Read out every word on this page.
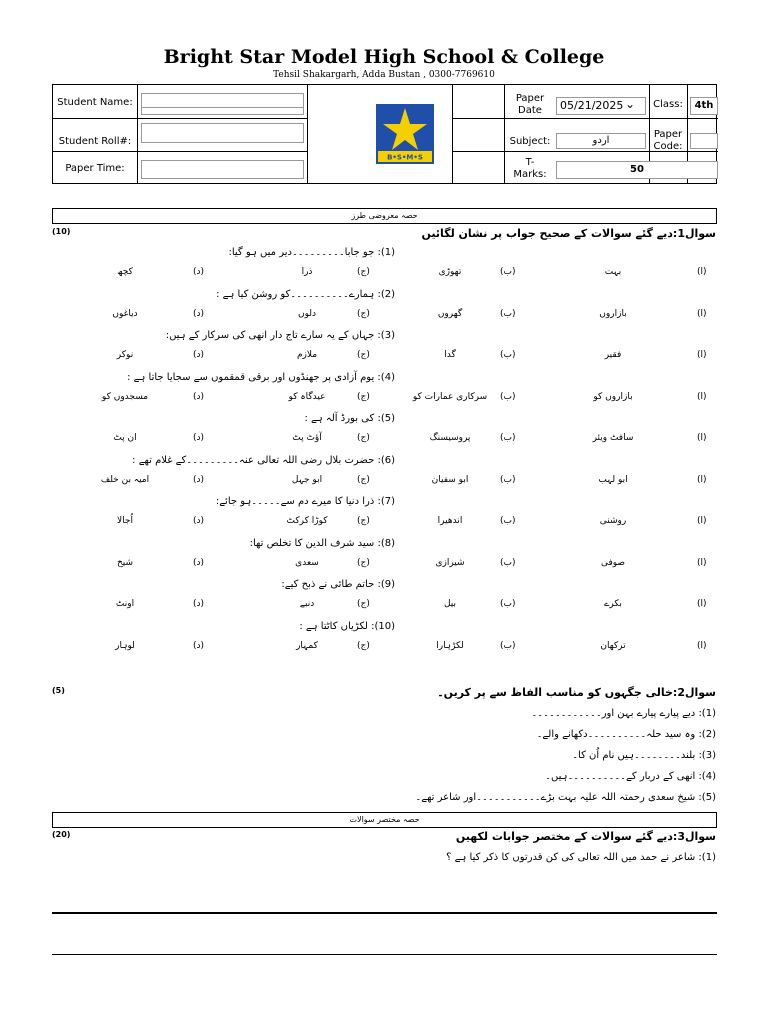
Bright Star Model High School & College
Tehsil Shakargarh, Adda Bustan , 0300-7769610
Student Name:
Student Roll#:
Paper Time:
Paper
Date	05/21/2025 ⌄	Class:	4th
Subject:	اردو
Paper
Code:
T-
Marks:	50
B•S•M•S
حصہ معروضی طرز
(10)	سوال1:دیے گئے سوالات کے صحیح جواب پر نشان لگائیں
(1): جو جابا۔۔۔۔۔۔۔۔۔دیر میں ہو گیا:
(ا)
بہت
(ب)
تھوڑی
(ج)
ذرا
(د)
کچھ
(2): ہمارے۔۔۔۔۔۔۔۔۔۔کو روشن کیا ہے :
(ا)
بازاروں
(ب)
گھروں
(ج)
دلوں
(د)
دیاغوں
(3): جہاں کے یہ سارے تاج دار انھی کی سرکار کے ہیں:
(ا)
فقیر
(ب)
گدا
(ج)
ملازم
(د)
نوکر
(4): یوم آزادی پر جھنڈوں اور برقی قمقموں سے سجایا جاتا ہے :
(ا)
بازاروں کو
(ب)
سرکاری عمارات کو
(ج)
عیدگاہ کو
(د)
مسجدوں کو
(5): کی بورڈ آلہ ہے :
(ا)
سافٹ ویئر
(ب)
پروسیسنگ
(ج)
آؤٹ پٹ
(د)
ان پٹ
(6): حضرت بلال رضی اللہ تعالی عنہ۔۔۔۔۔۔۔۔۔کے غلام تھے :
(ا)
ابو لہب
(ب)
ابو سفیان
(ج)
ابو جہل
(د)
امیہ بن خلف
(7): ذرا دنیا کا میرے دم سے۔۔۔۔۔ہو جائے:
(ا)
روشنی
(ب)
اندھیرا
(ج)
کوڑا کرکٹ
(د)
اُجالا
(8): سید شرف الدین کا تخلص تھا:
(ا)
صوفی
(ب)
شیرازی
(ج)
سعدی
(د)
شیخ
(9): حاتم طائی نے ذبح کیے:
(ا)
بکرے
(ب)
بیل
(ج)
دنبے
(د)
اونٹ
(10): لکڑیاں کاٹتا ہے :
(ا)
ترکھان
(ب)
لکڑہارا
(ج)
کمہار
(د)
لوہار
(5)	سوال2:خالی جگہوں کو مناسب الفاظ سے پر کریں۔
(1): دیے پیارے پیارے بہن اور۔۔۔۔۔۔۔۔۔۔۔۔
(2): وہ سید حلہ۔۔۔۔۔۔۔۔۔۔دکھانے والے۔
(3): بلند۔۔۔۔۔۔۔۔ہیں نام اُن کا۔
(4): انھی کے دربار کے۔۔۔۔۔۔۔۔۔۔ہیں۔
(5): شیخ سعدی رحمتہ اللہ علیہ بہت بڑے۔۔۔۔۔۔۔۔۔۔۔اور شاعر تھے۔
حصہ مختصر سوالات
(20)	سوال3:دیے گئے سوالات کے مختصر جوابات لکھیں
(1): شاعر نے حمد میں اللہ تعالی کی کن قدرتوں کا ذکر کیا ہے ؟
